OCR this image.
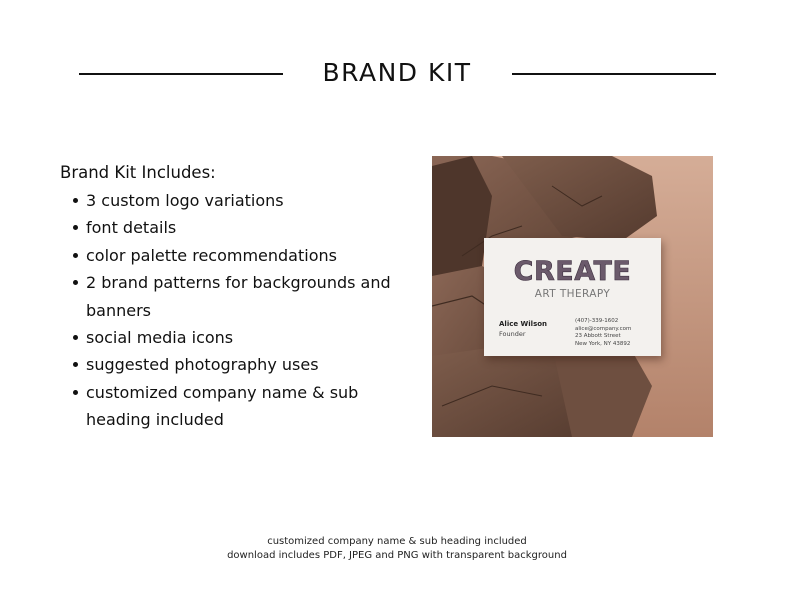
BRAND KIT
Brand Kit Includes:
3 custom logo variations
font details
color palette recommendations
2 brand patterns for backgrounds and banners
social media icons
suggested photography uses
customized company name & sub heading included
CREATE
ART THERAPY
Alice Wilson
Founder
(407)-339-1602
alice@company.com
23 Abbott Street
New York, NY 43892
customized company name & sub heading included
download includes PDF, JPEG and PNG with transparent background
